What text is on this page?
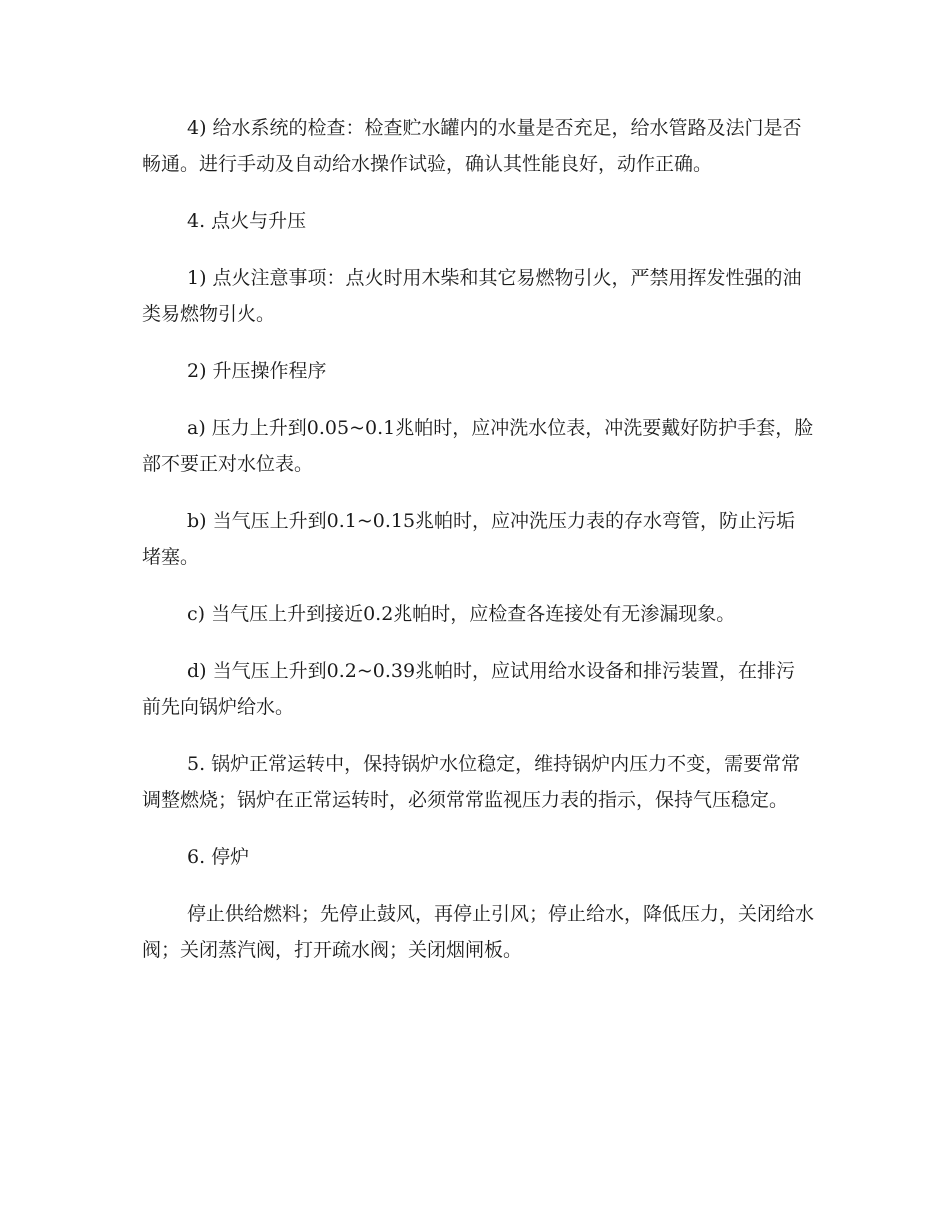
4) 给水系统的检查：检查贮水罐内的水量是否充足，给水管路及法门是否畅通。进行手动及自动给水操作试验，确认其性能良好，动作正确。

4. 点火与升压

1) 点火注意事项：点火时用木柴和其它易燃物引火，严禁用挥发性强的油类易燃物引火。

2) 升压操作程序

a) 压力上升到0.05~0.1兆帕时，应冲洗水位表，冲洗要戴好防护手套，脸部不要正对水位表。

b) 当气压上升到0.1~0.15兆帕时，应冲洗压力表的存水弯管，防止污垢堵塞。

c) 当气压上升到接近0.2兆帕时，应检查各连接处有无渗漏现象。

d) 当气压上升到0.2~0.39兆帕时，应试用给水设备和排污装置，在排污前先向锅炉给水。

5. 锅炉正常运转中，保持锅炉水位稳定，维持锅炉内压力不变，需要常常调整燃烧；锅炉在正常运转时，必须常常监视压力表的指示，保持气压稳定。

6. 停炉

停止供给燃料；先停止鼓风，再停止引风；停止给水，降低压力，关闭给水阀；关闭蒸汽阀，打开疏水阀；关闭烟闸板。
